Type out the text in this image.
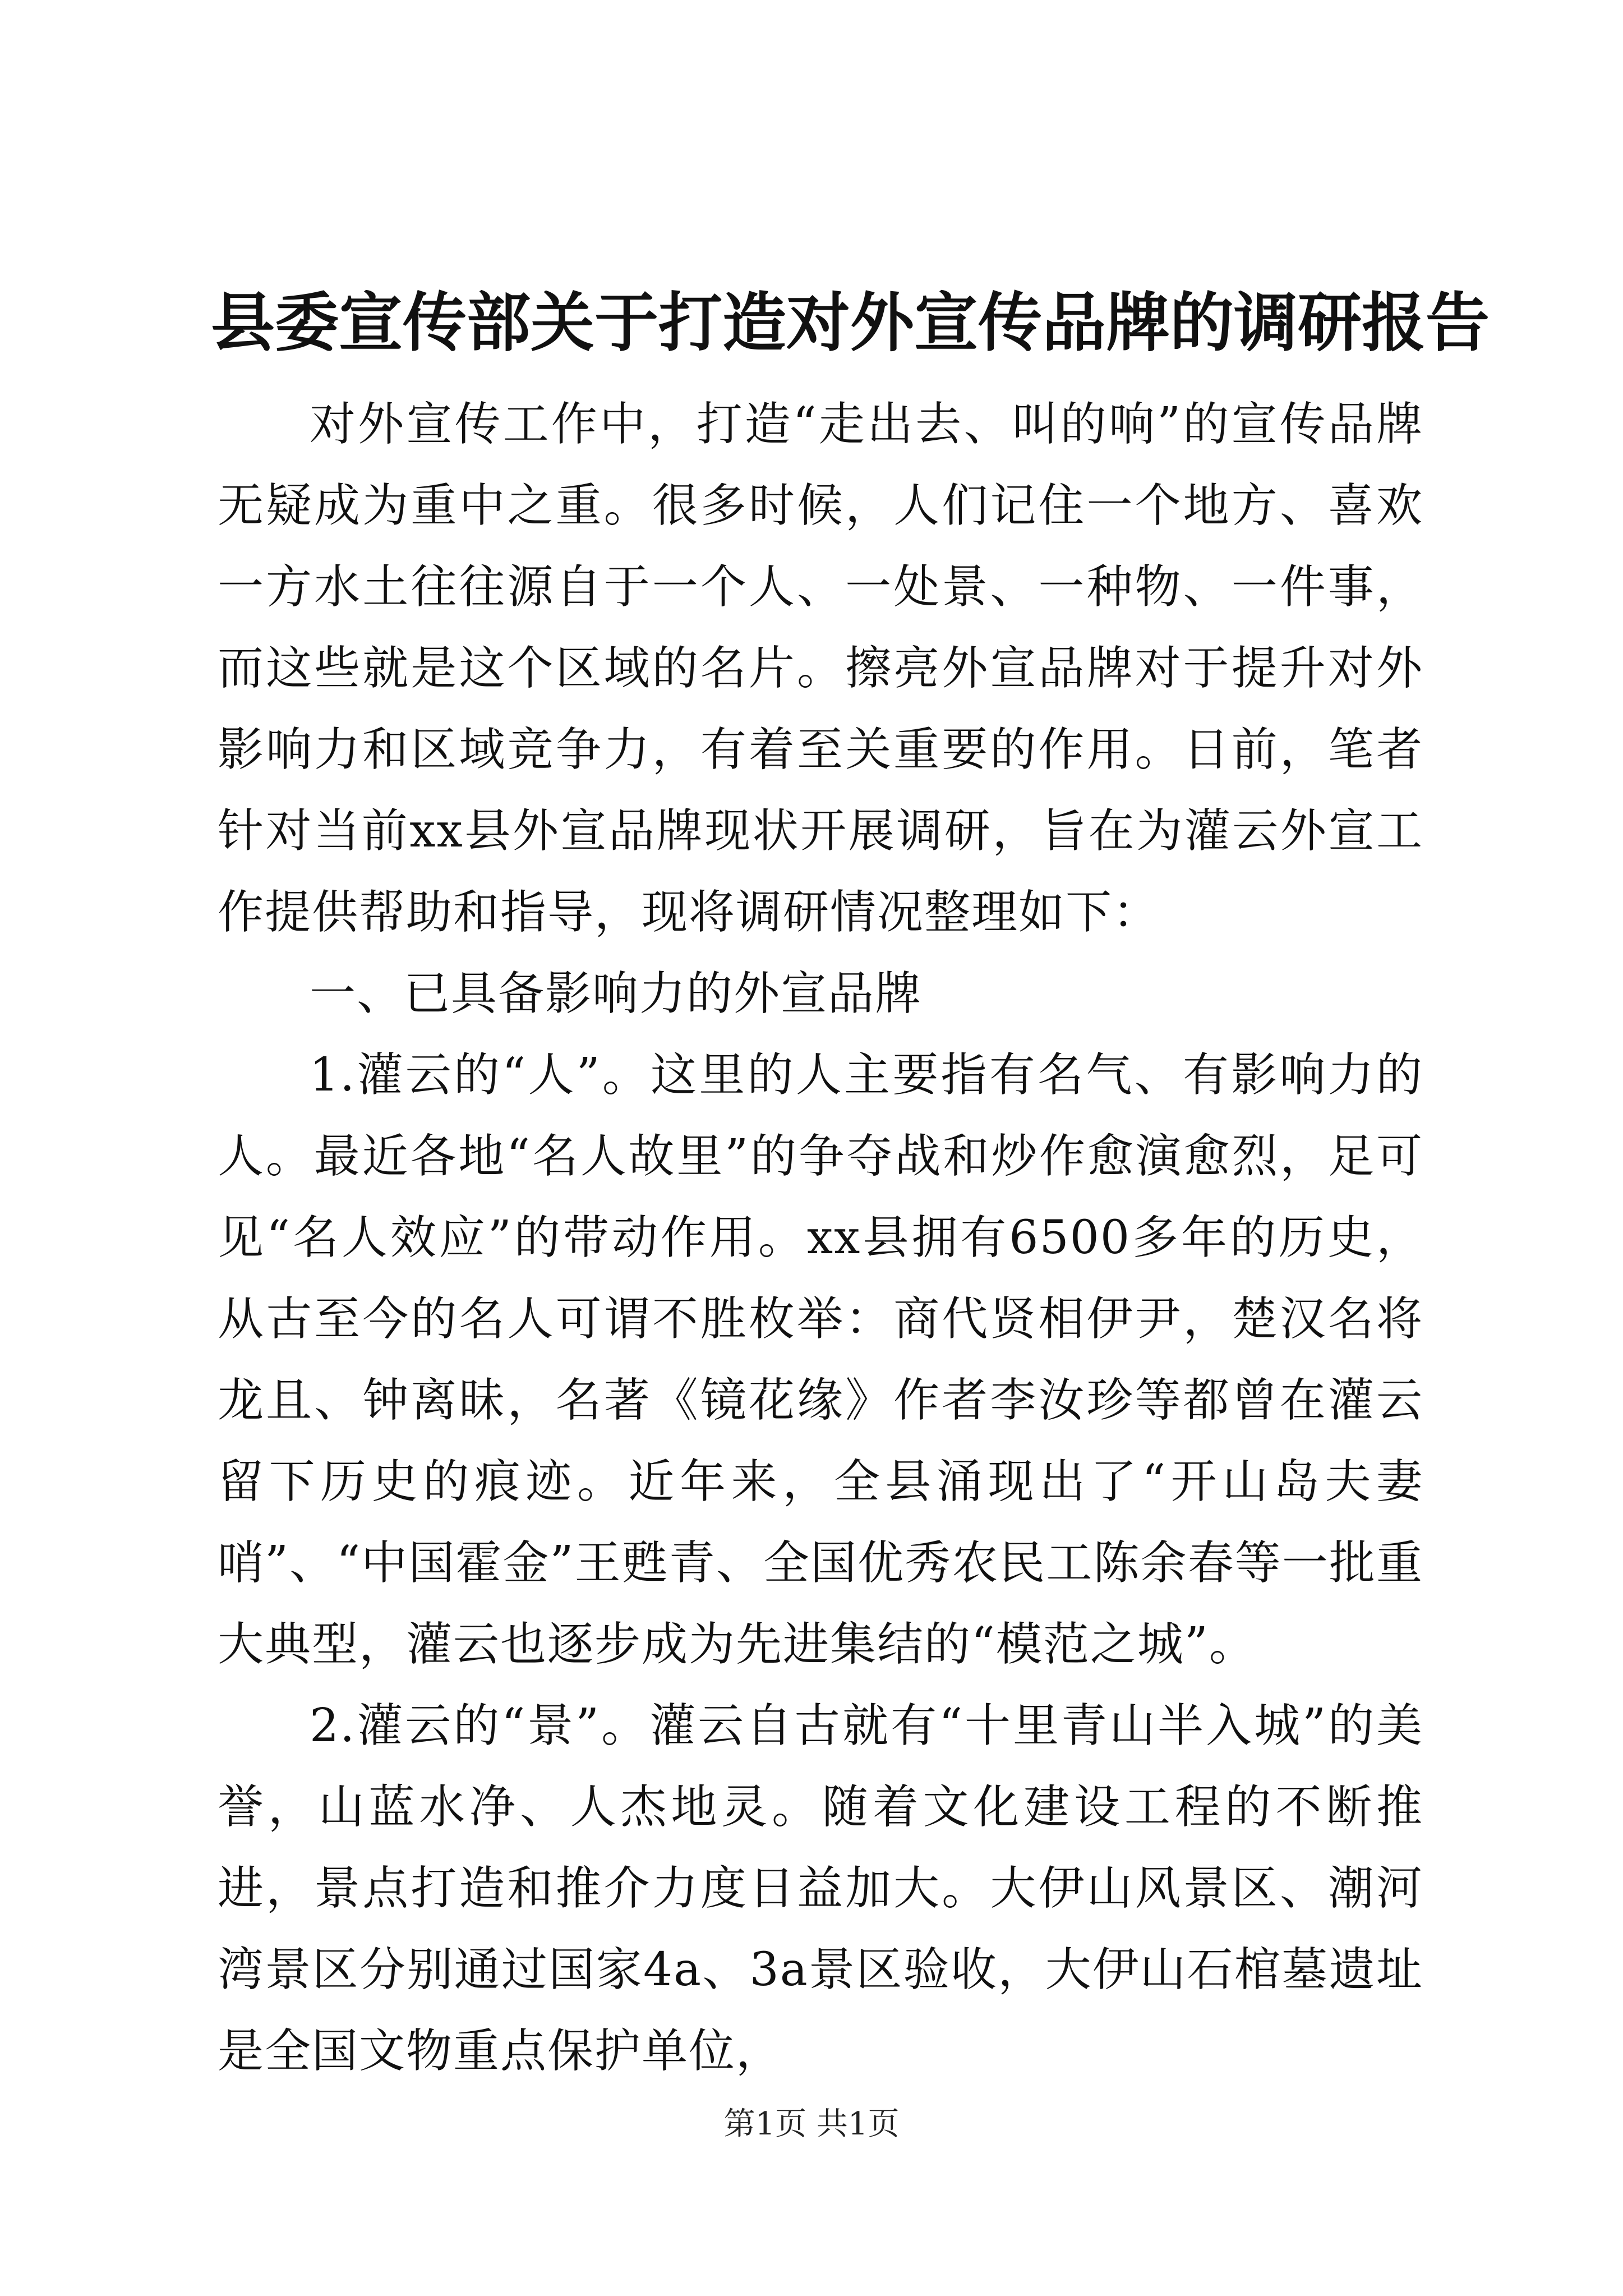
县委宣传部关于打造对外宣传品牌的调研报告

对外宣传工作中，打造“走出去、叫的响”的宣传品牌无疑成为重中之重。很多时候，人们记住一个地方、喜欢一方水土往往源自于一个人、一处景、一种物、一件事，而这些就是这个区域的名片。擦亮外宣品牌对于提升对外影响力和区域竞争力，有着至关重要的作用。日前，笔者针对当前xx县外宣品牌现状开展调研，旨在为灌云外宣工作提供帮助和指导，现将调研情况整理如下：

一、已具备影响力的外宣品牌

1.灌云的“人”。这里的人主要指有名气、有影响力的人。最近各地“名人故里”的争夺战和炒作愈演愈烈，足可见“名人效应”的带动作用。xx县拥有6500多年的历史，从古至今的名人可谓不胜枚举：商代贤相伊尹，楚汉名将龙且、钟离昧，名著《镜花缘》作者李汝珍等都曾在灌云留下历史的痕迹。近年来，全县涌现出了“开山岛夫妻哨”、“中国霍金”王甦青、全国优秀农民工陈余春等一批重大典型，灌云也逐步成为先进集结的“模范之城”。

2.灌云的“景”。灌云自古就有“十里青山半入城”的美誉，山蓝水净、人杰地灵。随着文化建设工程的不断推进，景点打造和推介力度日益加大。大伊山风景区、潮河湾景区分别通过国家4a、3a景区验收，大伊山石棺墓遗址是全国文物重点保护单位，

第1页 共1页
